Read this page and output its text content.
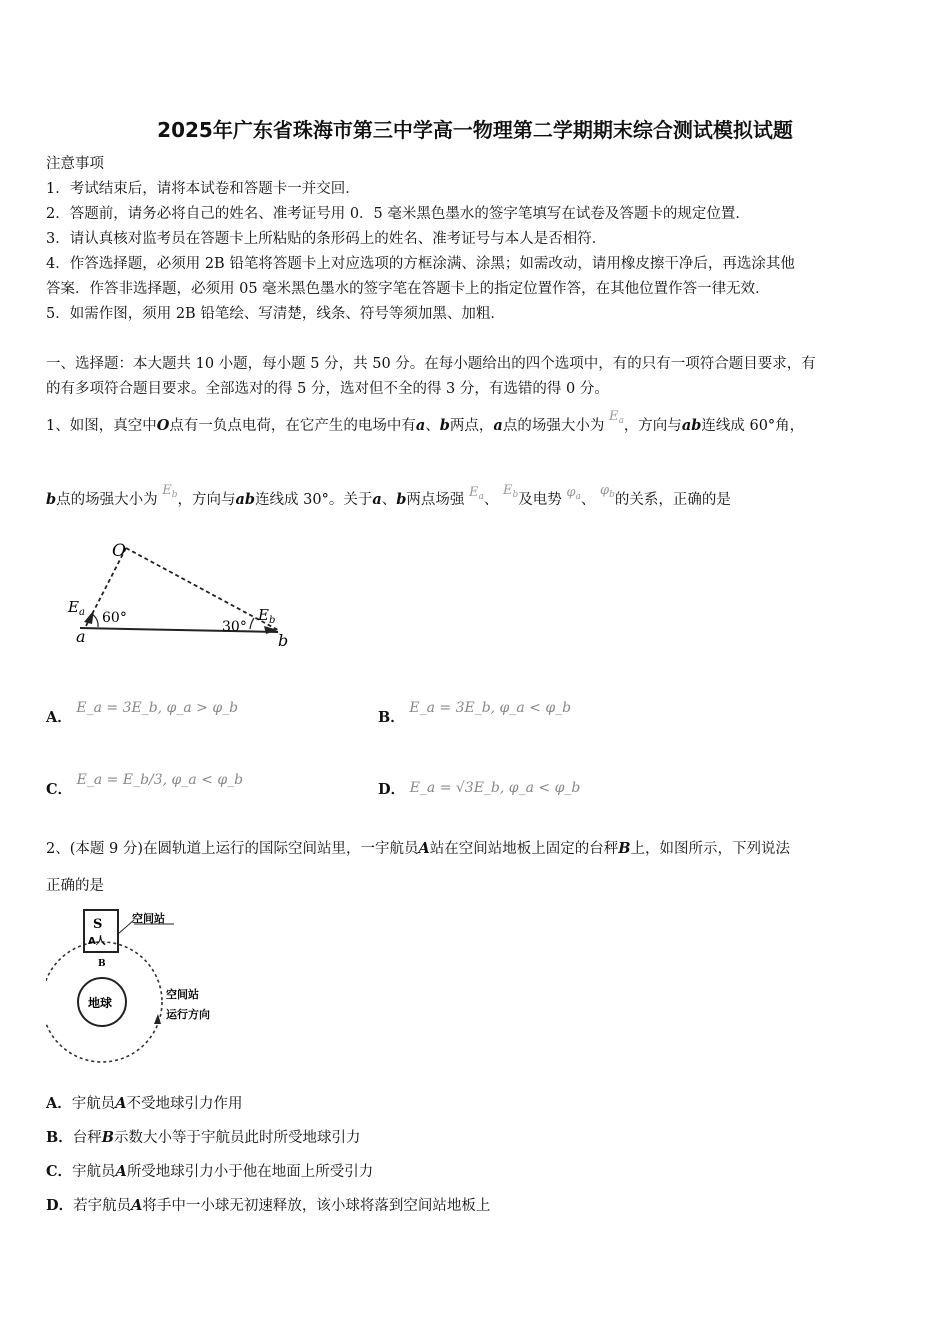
2025年广东省珠海市第三中学高一物理第二学期期末综合测试模拟试题
注意事项
1．考试结束后，请将本试卷和答题卡一并交回．
2．答题前，请务必将自己的姓名、准考证号用 0．5 毫米黑色墨水的签字笔填写在试卷及答题卡的规定位置．
3．请认真核对监考员在答题卡上所粘贴的条形码上的姓名、准考证号与本人是否相符．
4．作答选择题，必须用 2B 铅笔将答题卡上对应选项的方框涂满、涂黑；如需改动，请用橡皮擦干净后，再选涂其他
答案．作答非选择题，必须用 05 毫米黑色墨水的签字笔在答题卡上的指定位置作答，在其他位置作答一律无效．
5．如需作图，须用 2B 铅笔绘、写清楚，线条、符号等须加黑、加粗．
一、选择题：本大题共 10 小题，每小题 5 分，共 50 分。在每小题给出的四个选项中，有的只有一项符合题目要求，有
的有多项符合题目要求。全部选对的得 5 分，选对但不全的得 3 分，有选错的得 0 分。
1、如图，真空中O点有一负点电荷，在它产生的电场中有a、b两点，a点的场强大小为 $E_a$，方向与ab连线成 60°角，
b点的场强大小为 $E_b$，方向与ab连线成 30°。关于a、b两点场强 $E_a$、 $E_b$及电势 $\varphi_a$、 $\varphi_b$的关系，正确的是
O
$E_a$ 60°
a
$E_b$
30°
b
A． E_a = 3E_b, φ_a > φ_b
B． E_a = 3E_b, φ_a < φ_b
C． E_a = E_b/3, φ_a < φ_b
D． E_a = √3E_b, φ_a < φ_b
2、(本题 9 分)在圆轨道上运行的国际空间站里，一宇航员A站在空间站地板上固定的台秤B上，如图所示，下列说法
正确的是
地球
S
A人
空间站
B
空间站
运行方向
A．宇航员A不受地球引力作用
B．台秤B示数大小等于宇航员此时所受地球引力
C．宇航员A所受地球引力小于他在地面上所受引力
D．若宇航员A将手中一小球无初速释放，该小球将落到空间站地板上
